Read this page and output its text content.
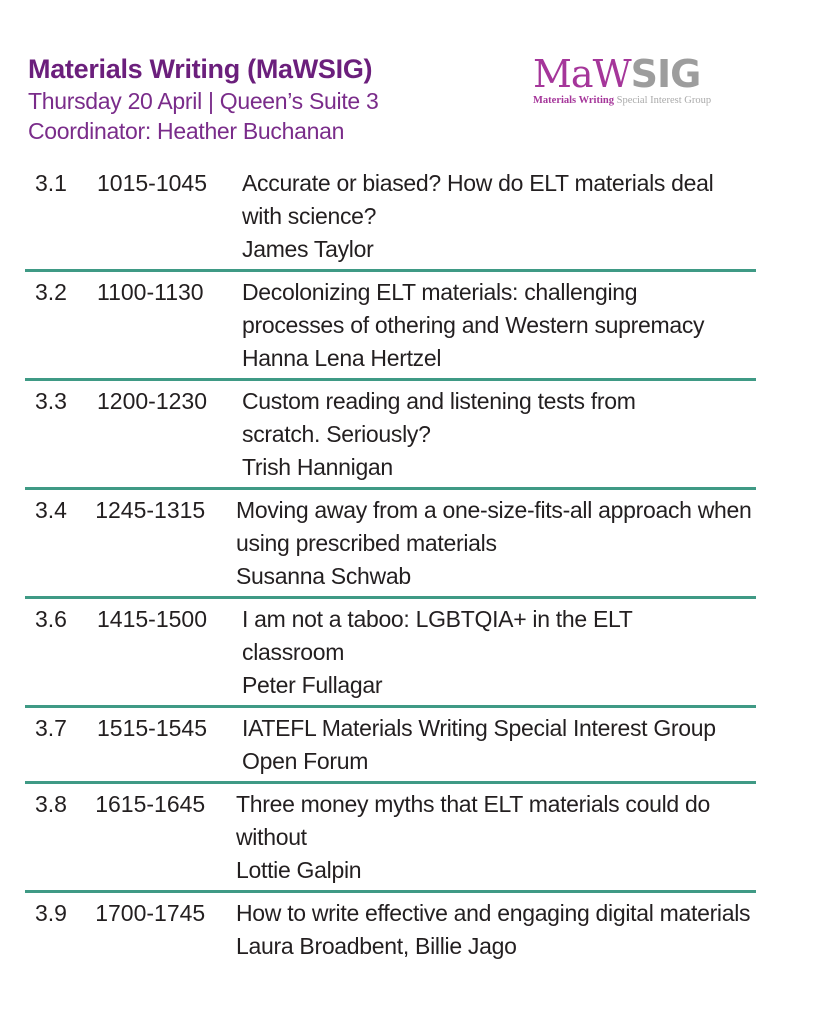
Materials Writing (MaWSIG)
Thursday 20 April | Queen’s Suite 3
Coordinator: Heather Buchanan
MaWSIG
Materials Writing Special Interest Group
3.1	1015-1045	Accurate or biased? How do ELT materials deal with science?
James Taylor
3.2	1100-1130	Decolonizing ELT materials: challenging processes of othering and Western supremacy
Hanna Lena Hertzel
3.3	1200-1230	Custom reading and listening tests from scratch. Seriously?
Trish Hannigan
3.4	1245-1315	Moving away from a one-size-fits-all approach when using prescribed materials
Susanna Schwab
3.6	1415-1500	I am not a taboo: LGBTQIA+ in the ELT classroom
Peter Fullagar
3.7	1515-1545	IATEFL Materials Writing Special Interest Group Open Forum
3.8	1615-1645	Three money myths that ELT materials could do without
Lottie Galpin
3.9	1700-1745	How to write effective and engaging digital materials
Laura Broadbent, Billie Jago
